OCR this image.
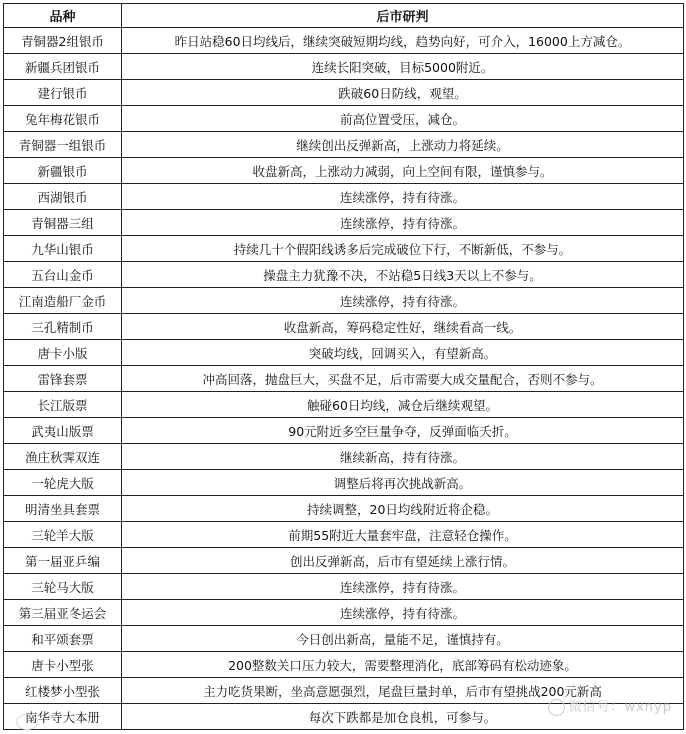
品种	后市研判
青铜器2组银币	昨日站稳60日均线后，继续突破短期均线，趋势向好，可介入，16000上方减仓。
新疆兵团银币	连续长阳突破，目标5000附近。
建行银币	跌破60日防线，观望。
兔年梅花银币	前高位置受压，减仓。
青铜器一组银币	继续创出反弹新高，上涨动力将延续。
新疆银币	收盘新高，上涨动力减弱，向上空间有限，谨慎参与。
西湖银币	连续涨停，持有待涨。
青铜器三组	连续涨停，持有待涨。
九华山银币	持续几十个假阳线诱多后完成破位下行，不断新低，不参与。
五台山金币	操盘主力犹豫不决，不站稳5日线3天以上不参与。
江南造船厂金币	连续涨停，持有待涨。
三孔精制币	收盘新高，筹码稳定性好，继续看高一线。
唐卡小版	突破均线，回调买入，有望新高。
雷锋套票	冲高回落，抛盘巨大，买盘不足，后市需要大成交量配合，否则不参与。
长江版票	触碰60日均线，减仓后继续观望。
武夷山版票	90元附近多空巨量争夺，反弹面临夭折。
渔庄秋霁双连	继续新高，持有待涨。
一轮虎大版	调整后将再次挑战新高。
明清坐具套票	持续调整，20日均线附近将企稳。
三轮羊大版	前期55附近大量套牢盘，注意轻仓操作。
第一届亚乒编	创出反弹新高，后市有望延续上涨行情。
三轮马大版	连续涨停，持有待涨。
第三届亚冬运会	连续涨停，持有待涨。
和平颂套票	今日创出新高，量能不足，谨慎持有。
唐卡小型张	200整数关口压力较大，需要整理消化，底部筹码有松动迹象。
红楼梦小型张	主力吃货果断，坐高意愿强烈，尾盘巨量封单，后市有望挑战200元新高
南华寺大本册	每次下跌都是加仓良机，可参与。
微信号：wxnyp
